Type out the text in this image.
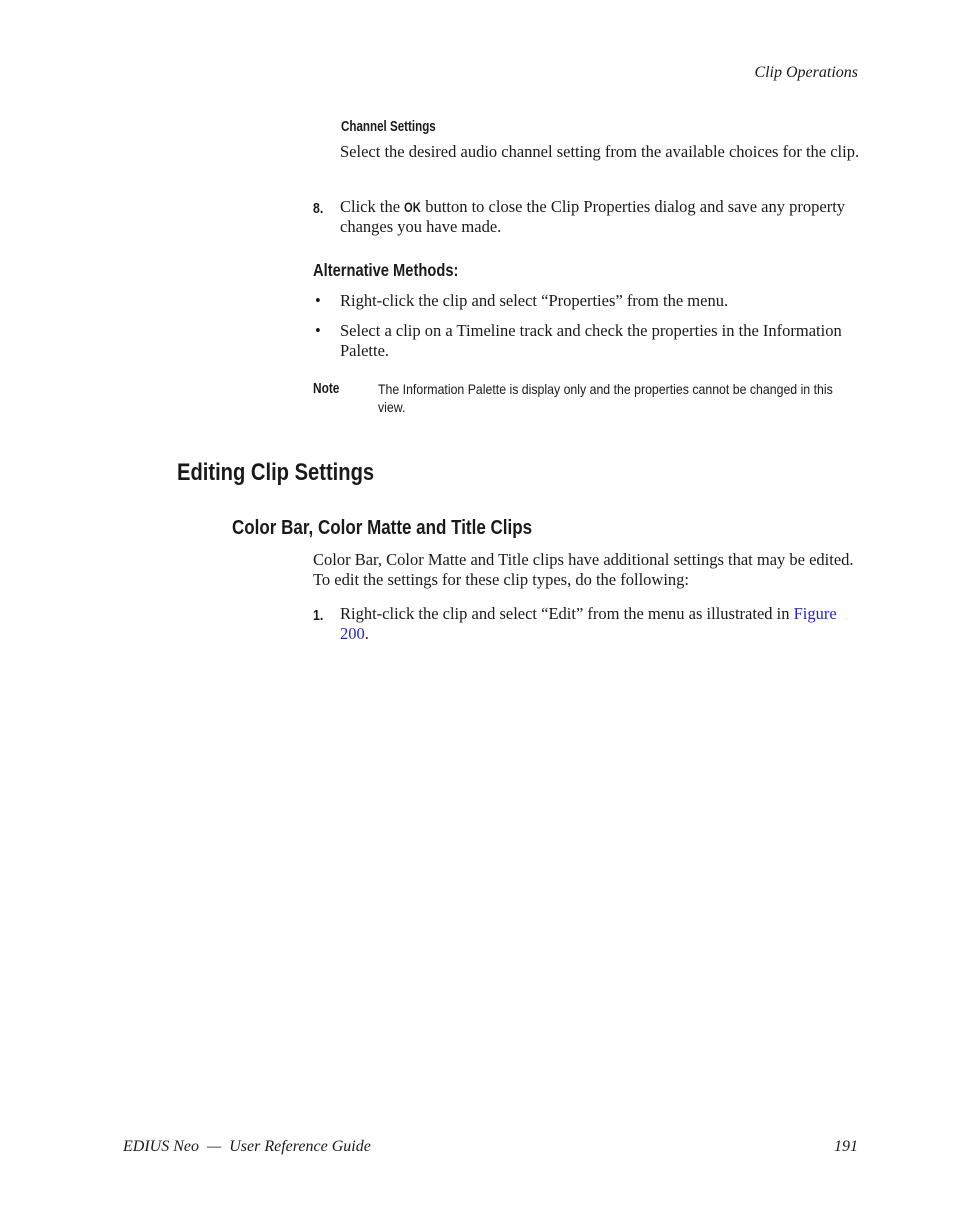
Clip Operations
Channel Settings
Select the desired audio channel setting from the available choices for the clip.
8. Click the OK button to close the Clip Properties dialog and save any property changes you have made.
Alternative Methods:
• Right-click the clip and select “Properties” from the menu.
• Select a clip on a Timeline track and check the properties in the Information Palette.
Note	The Information Palette is display only and the properties cannot be changed in this view.
Editing Clip Settings
Color Bar, Color Matte and Title Clips
Color Bar, Color Matte and Title clips have additional settings that may be edited. To edit the settings for these clip types, do the following:
1. Right-click the clip and select “Edit” from the menu as illustrated in Figure 200.
EDIUS Neo — User Reference Guide	191
